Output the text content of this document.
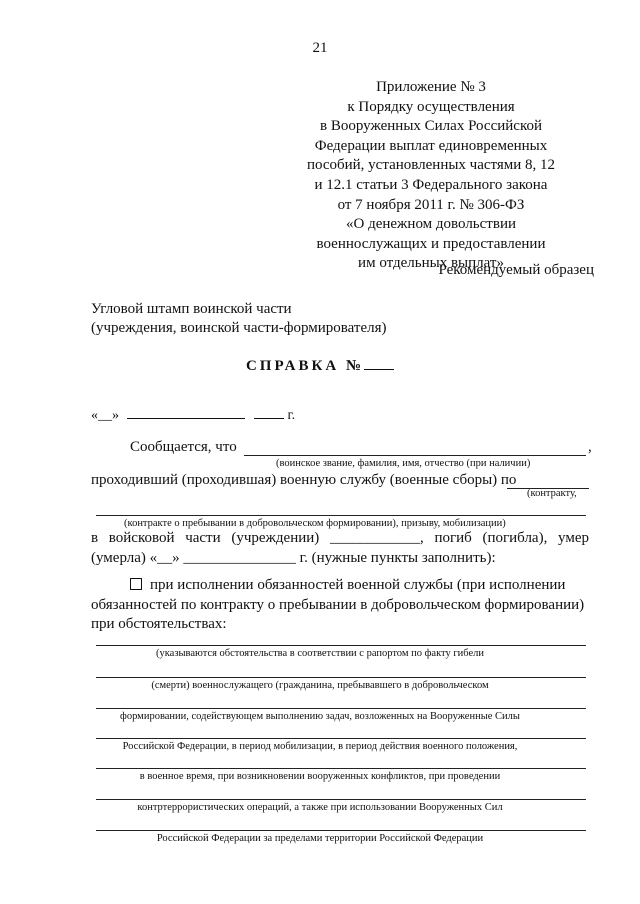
21
Приложение № 3
к Порядку осуществления
в Вооруженных Силах Российской
Федерации выплат единовременных
пособий, установленных частями 8, 12
и 12.1 статьи 3 Федерального закона
от 7 ноября 2011 г. № 306-ФЗ
«О денежном довольствии
военнослужащих и предоставлении
им отдельных выплат»
Рекомендуемый образец
Угловой штамп воинской части
(учреждения, воинской части-формирователя)
СПРАВКА №
«__»	г.
Сообщается, что	,
(воинское звание, фамилия, имя, отчество (при наличии)
проходивший (проходившая) военную службу (военные сборы) по
(контракту,
(контракте о пребывании в добровольческом формировании), призыву, мобилизации)
в войсковой части (учреждении) ____________, погиб (погибла), умер
(умерла) «__» _______________ г. (нужные пункты заполнить):
при исполнении обязанностей военной службы (при исполнении
обязанностей по контракту о пребывании в добровольческом формировании)
при обстоятельствах:
(указываются обстоятельства в соответствии с рапортом по факту гибели
(смерти) военнослужащего (гражданина, пребывавшего в добровольческом
формировании, содействующем выполнению задач, возложенных на Вооруженные Силы
Российской Федерации, в период мобилизации, в период действия военного положения,
в военное время, при возникновении вооруженных конфликтов, при проведении
контртеррористических операций, а также при использовании Вооруженных Сил
Российской Федерации за пределами территории Российской Федерации
